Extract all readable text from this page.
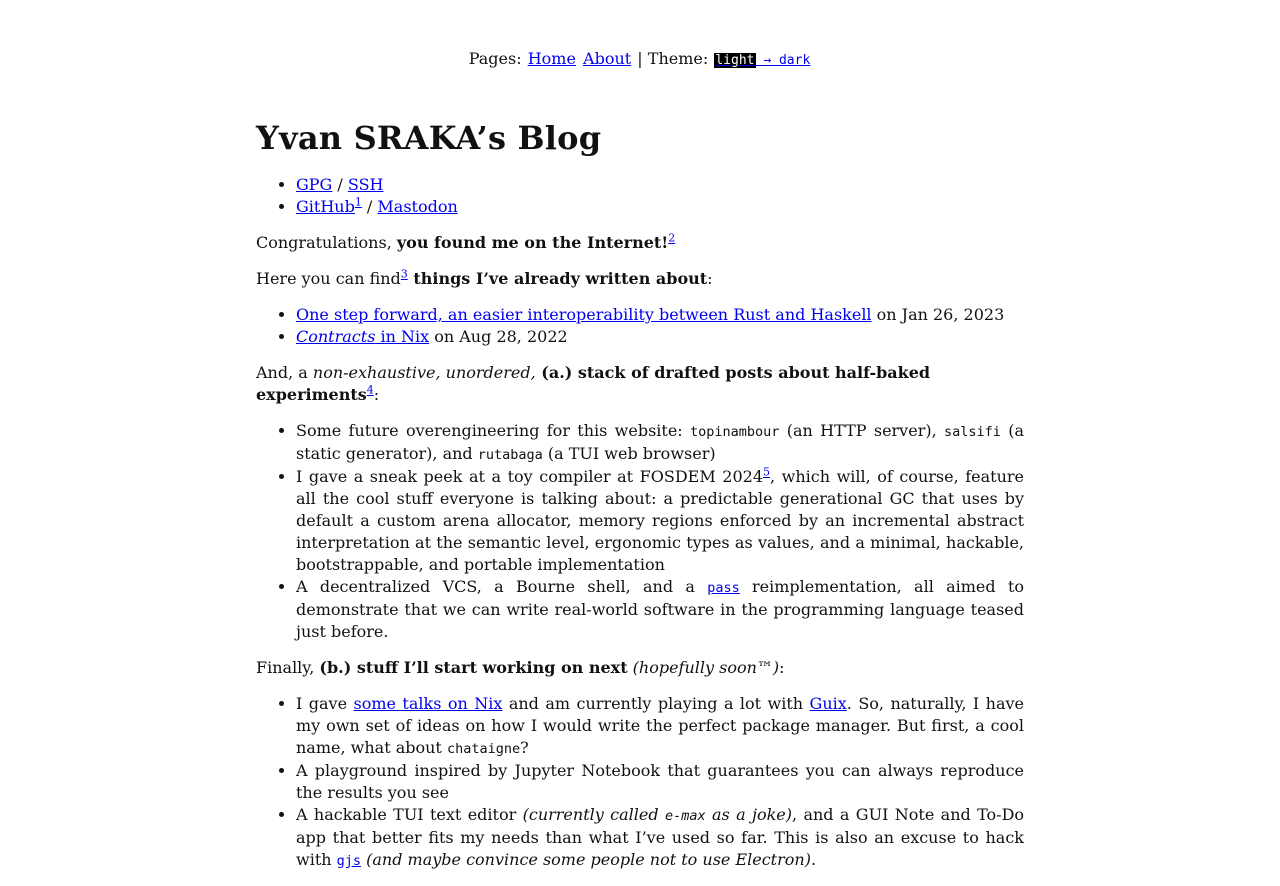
Pages: Home About | Theme: light → dark
Yvan SRAKA’s Blog
• GPG / SSH
• GitHub$^1$ / Mastodon

Congratulations, you found me on the Internet!$^2$

Here you can find$^3$ things I’ve already written about:

• One step forward, an easier interoperability between Rust and Haskell on Jan 26, 2023
• Contracts in Nix on Aug 28, 2022

And, a non-exhaustive, unordered, (a.) stack of drafted posts about half-baked experiments$^4$:

• Some future overengineering for this website: topinambour (an HTTP server), salsifi (a static generator), and rutabaga (a TUI web browser)
• I gave a sneak peek at a toy compiler at FOSDEM 2024$^5$, which will, of course, feature all the cool stuff everyone is talking about: a predictable generational GC that uses by default a custom arena allocator, memory regions enforced by an incremental abstract interpretation at the semantic level, ergonomic types as values, and a minimal, hackable, bootstrappable, and portable implementation
• A decentralized VCS, a Bourne shell, and a pass reimplementation, all aimed to demonstrate that we can write real-world software in the programming language teased just before.

Finally, (b.) stuff I’ll start working on next (hopefully soon™):

• I gave some talks on Nix and am currently playing a lot with Guix. So, naturally, I have my own set of ideas on how I would write the perfect package manager. But first, a cool name, what about chataigne?
• A playground inspired by Jupyter Notebook that guarantees you can always reproduce the results you see
• A hackable TUI text editor (currently called e-max as a joke), and a GUI Note and To-Do app that better fits my needs than what I’ve used so far. This is also an excuse to hack with gjs (and maybe convince some people not to use Electron).
